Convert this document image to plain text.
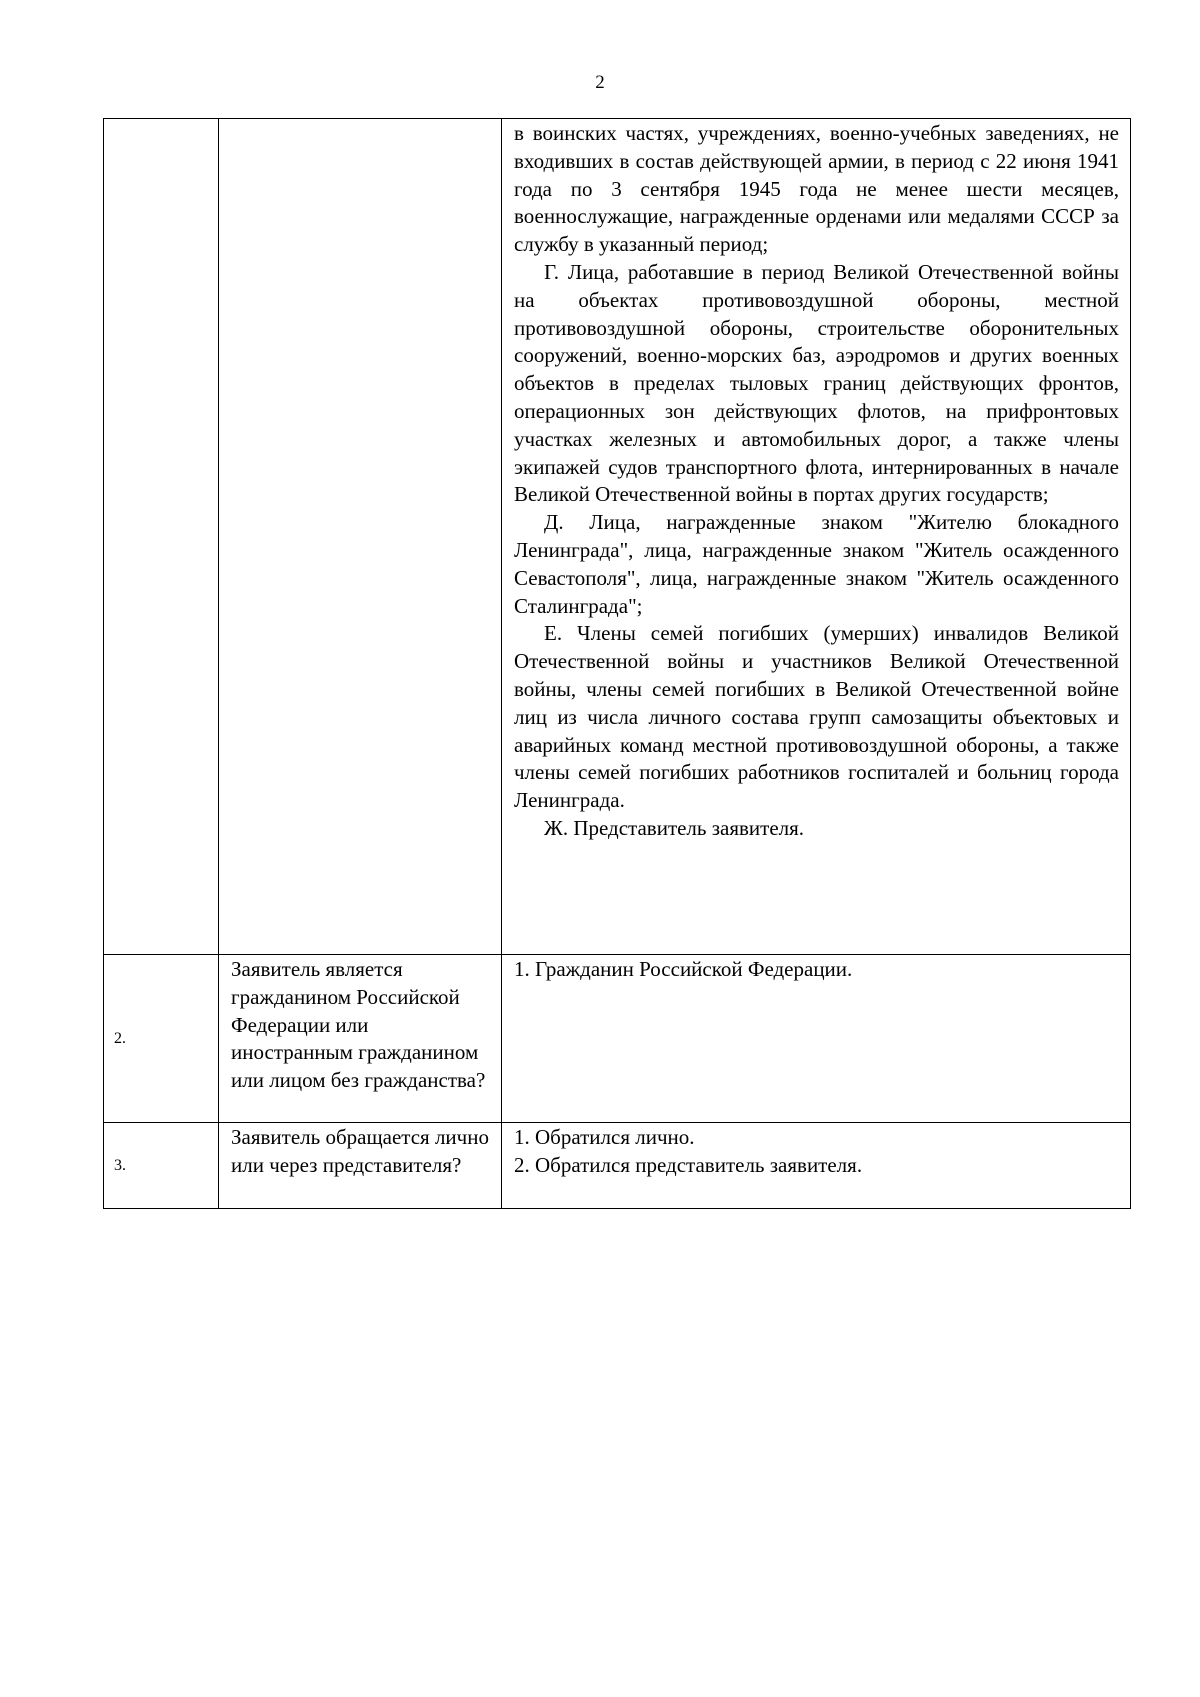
2

		в воинских частях, учреждениях, военно-учебных заведениях, не входивших в состав действующей армии, в период с 22 июня 1941 года по 3 сентября 1945 года не менее шести месяцев, военнослужащие, награжденные орденами или медалями СССР за службу в указанный период;

Г. Лица, работавшие в период Великой Отечественной войны на объектах противовоздушной обороны, местной противовоздушной обороны, строительстве оборонительных сооружений, военно-морских баз, аэродромов и других военных объектов в пределах тыловых границ действующих фронтов, операционных зон действующих флотов, на прифронтовых участках железных и автомобильных дорог, а также члены экипажей судов транспортного флота, интернированных в начале Великой Отечественной войны в портах других государств;

Д. Лица, награжденные знаком "Жителю блокадного Ленинграда", лица, награжденные знаком "Житель осажденного Севастополя", лица, награжденные знаком "Житель осажденного Сталинграда";

Е. Члены семей погибших (умерших) инвалидов Великой Отечественной войны и участников Великой Отечественной войны, члены семей погибших в Великой Отечественной войне лиц из числа личного состава групп самозащиты объектовых и аварийных команд местной противовоздушной обороны, а также члены семей погибших работников госпиталей и больниц города Ленинграда.

Ж. Представитель заявителя.

2.	Заявитель является гражданином Российской Федерации или иностранным гражданином или лицом без гражданства?	1. Гражданин Российской Федерации.

3.	Заявитель обращается лично или через представителя?	1. Обратился лично.

2. Обратился представитель заявителя.
